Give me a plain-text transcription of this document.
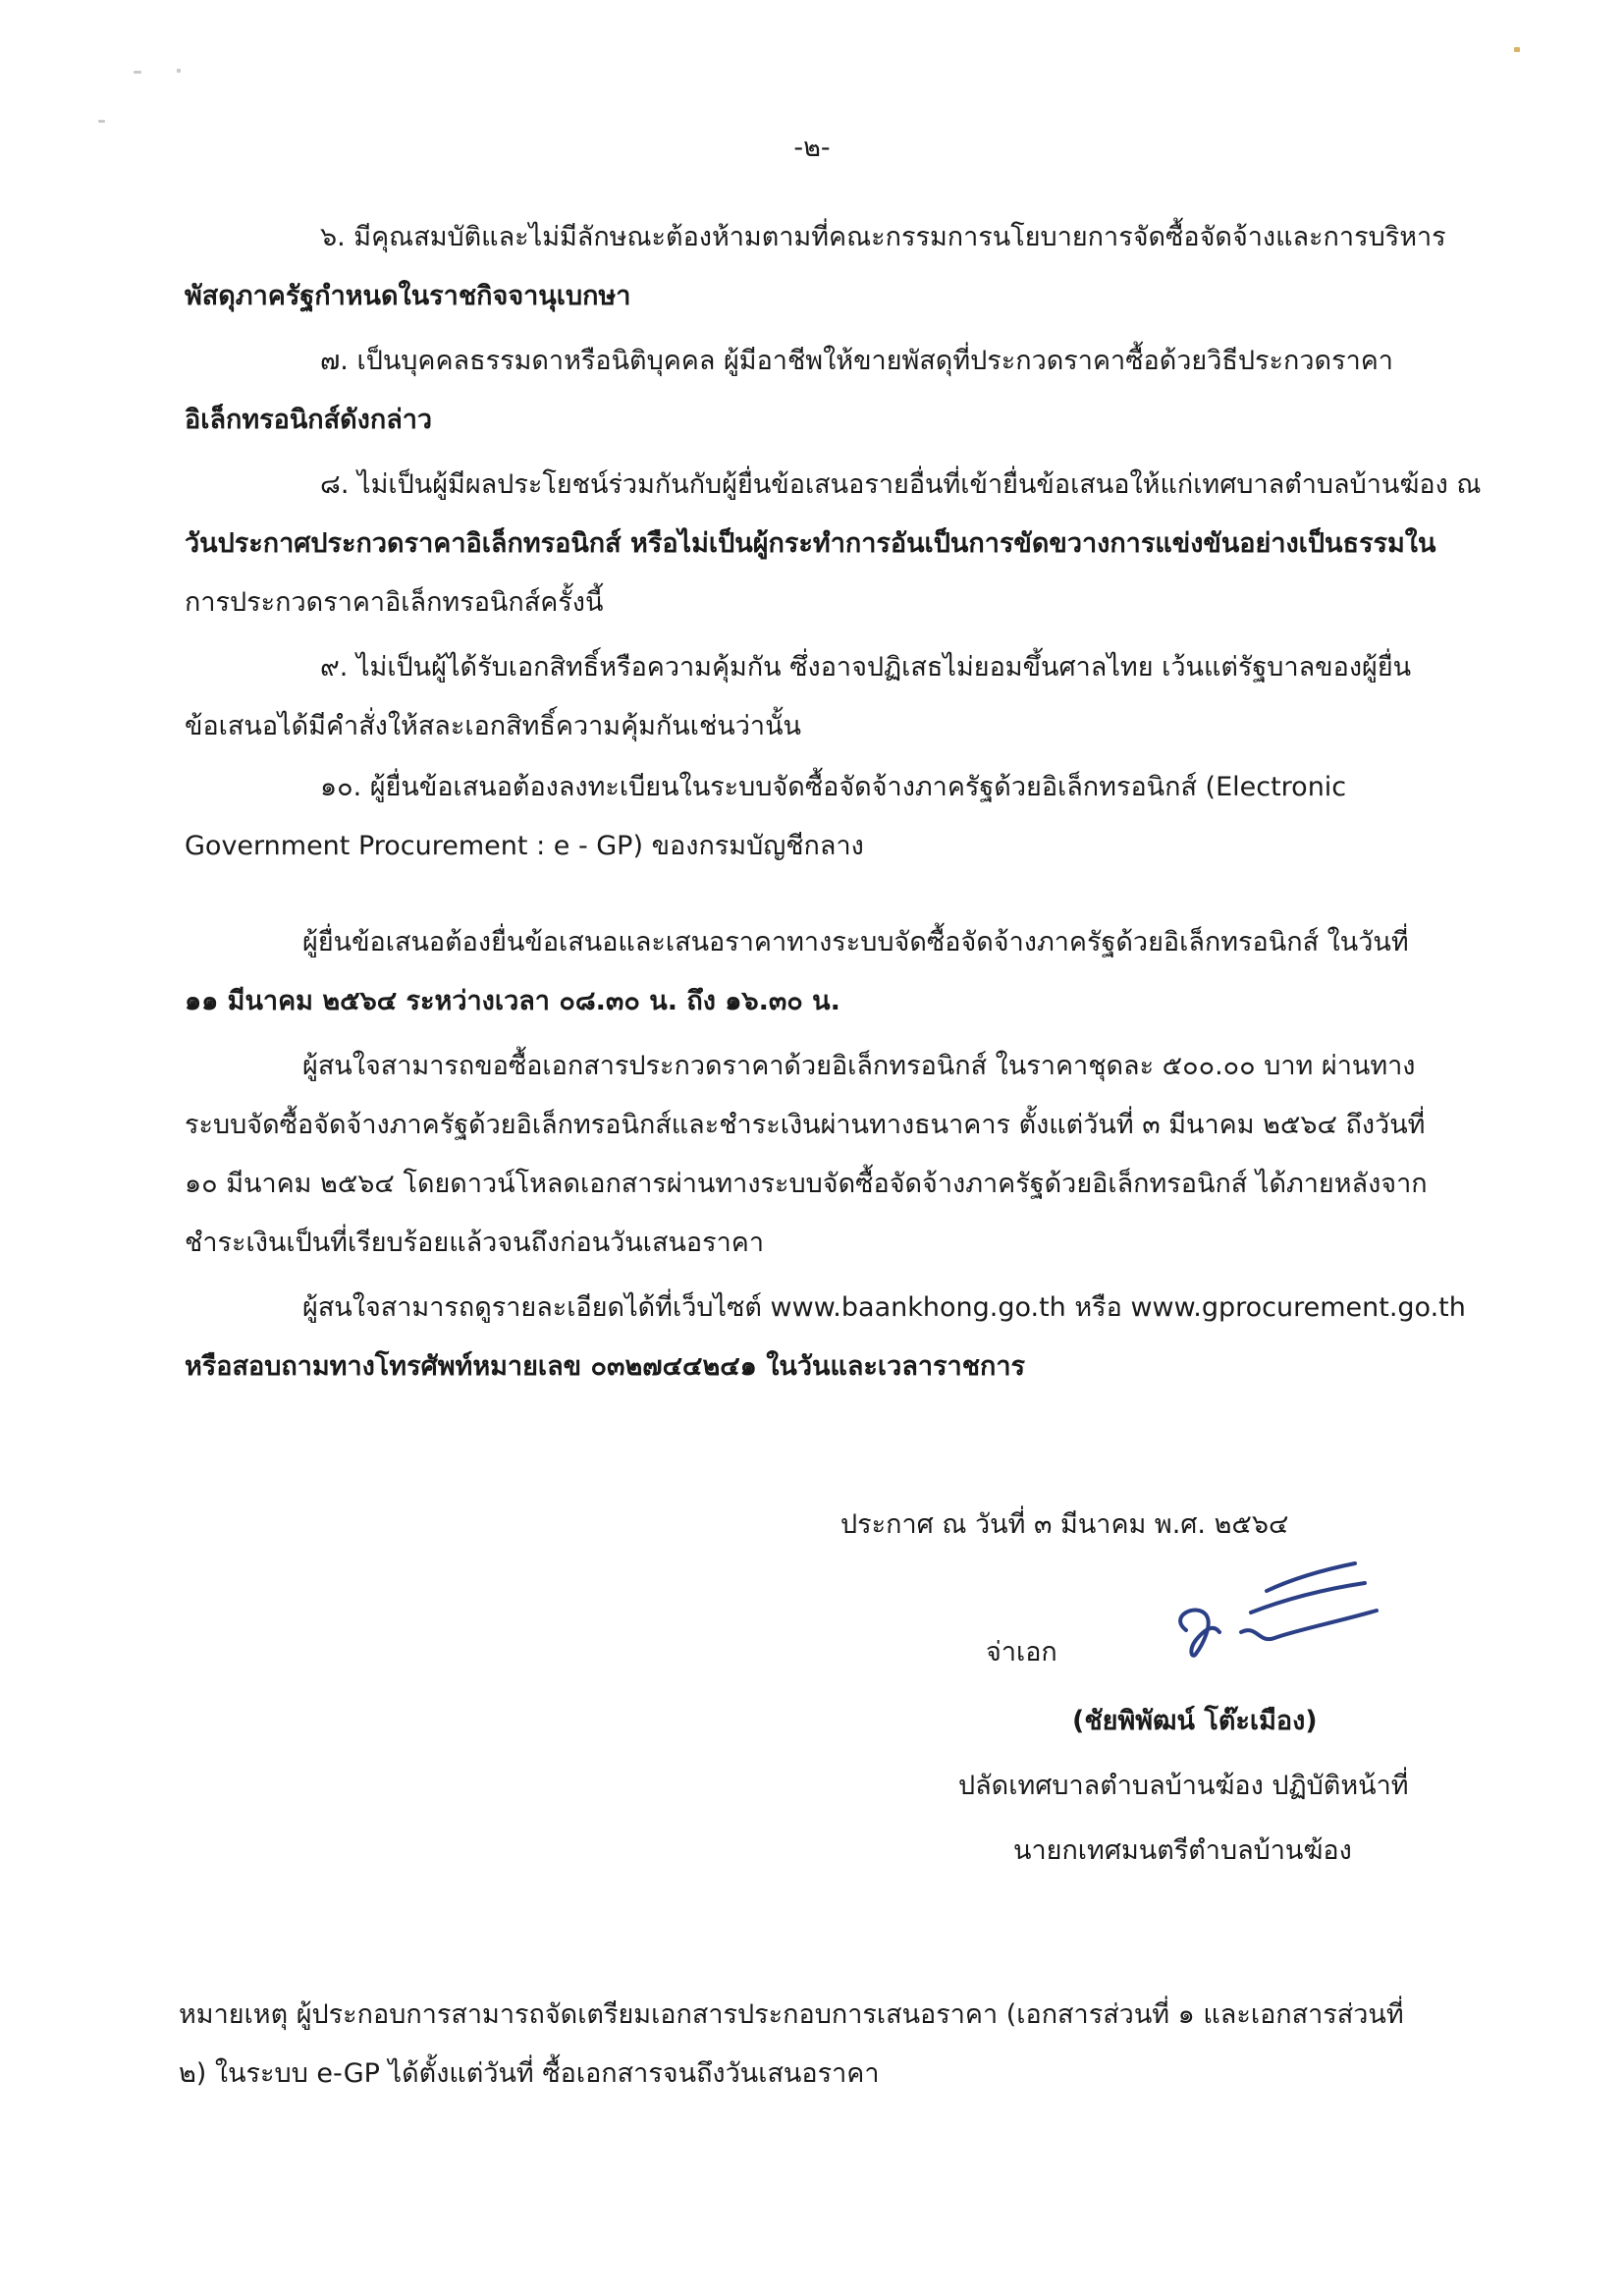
-๒-
๖. มีคุณสมบัติและไม่มีลักษณะต้องห้ามตามที่คณะกรรมการนโยบายการจัดซื้อจัดจ้างและการบริหาร
พัสดุภาครัฐกำหนดในราชกิจจานุเบกษา
๗. เป็นบุคคลธรรมดาหรือนิติบุคคล ผู้มีอาชีพให้ขายพัสดุที่ประกวดราคาซื้อด้วยวิธีประกวดราคา
อิเล็กทรอนิกส์ดังกล่าว
๘. ไม่เป็นผู้มีผลประโยชน์ร่วมกันกับผู้ยื่นข้อเสนอรายอื่นที่เข้ายื่นข้อเสนอให้แก่เทศบาลตำบลบ้านฆ้อง ณ
วันประกาศประกวดราคาอิเล็กทรอนิกส์ หรือไม่เป็นผู้กระทำการอันเป็นการขัดขวางการแข่งขันอย่างเป็นธรรมใน
การประกวดราคาอิเล็กทรอนิกส์ครั้งนี้
๙. ไม่เป็นผู้ได้รับเอกสิทธิ์หรือความคุ้มกัน ซึ่งอาจปฏิเสธไม่ยอมขึ้นศาลไทย เว้นแต่รัฐบาลของผู้ยื่น
ข้อเสนอได้มีคำสั่งให้สละเอกสิทธิ์ความคุ้มกันเช่นว่านั้น
๑๐. ผู้ยื่นข้อเสนอต้องลงทะเบียนในระบบจัดซื้อจัดจ้างภาครัฐด้วยอิเล็กทรอนิกส์ (Electronic
Government Procurement : e - GP) ของกรมบัญชีกลาง
ผู้ยื่นข้อเสนอต้องยื่นข้อเสนอและเสนอราคาทางระบบจัดซื้อจัดจ้างภาครัฐด้วยอิเล็กทรอนิกส์ ในวันที่
๑๑ มีนาคม ๒๕๖๔ ระหว่างเวลา ๐๘.๓๐ น. ถึง ๑๖.๓๐ น.
ผู้สนใจสามารถขอซื้อเอกสารประกวดราคาด้วยอิเล็กทรอนิกส์ ในราคาชุดละ ๕๐๐.๐๐ บาท ผ่านทาง
ระบบจัดซื้อจัดจ้างภาครัฐด้วยอิเล็กทรอนิกส์และชำระเงินผ่านทางธนาคาร ตั้งแต่วันที่ ๓ มีนาคม ๒๕๖๔ ถึงวันที่
๑๐ มีนาคม ๒๕๖๔ โดยดาวน์โหลดเอกสารผ่านทางระบบจัดซื้อจัดจ้างภาครัฐด้วยอิเล็กทรอนิกส์ ได้ภายหลังจาก
ชำระเงินเป็นที่เรียบร้อยแล้วจนถึงก่อนวันเสนอราคา
ผู้สนใจสามารถดูรายละเอียดได้ที่เว็บไซต์ www.baankhong.go.th หรือ www.gprocurement.go.th
หรือสอบถามทางโทรศัพท์หมายเลข ๐๓๒๗๔๔๒๔๑ ในวันและเวลาราชการ
ประกาศ ณ วันที่ ๓ มีนาคม พ.ศ. ๒๕๖๔
จ่าเอก
(ชัยพิพัฒน์ โต๊ะเมือง)
ปลัดเทศบาลตำบลบ้านฆ้อง ปฏิบัติหน้าที่
นายกเทศมนตรีตำบลบ้านฆ้อง
หมายเหตุ ผู้ประกอบการสามารถจัดเตรียมเอกสารประกอบการเสนอราคา (เอกสารส่วนที่ ๑ และเอกสารส่วนที่
๒) ในระบบ e-GP ได้ตั้งแต่วันที่ ซื้อเอกสารจนถึงวันเสนอราคา
